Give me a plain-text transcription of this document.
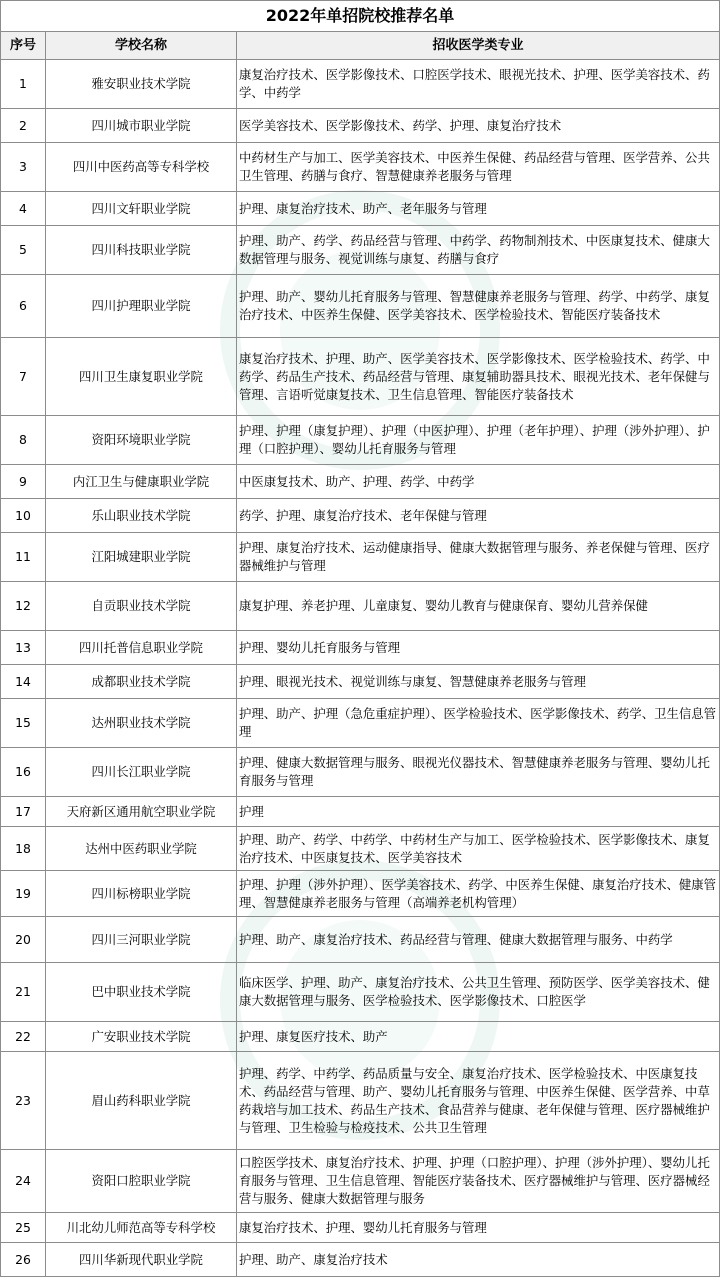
2022年单招院校推荐名单		
序号	学校名称	招收医学类专业
1	雅安职业技术学院	康复治疗技术、医学影像技术、口腔医学技术、眼视光技术、护理、医学美容技术、药学、中药学
2	四川城市职业学院	医学美容技术、医学影像技术、药学、护理、康复治疗技术
3	四川中医药高等专科学校	中药材生产与加工、医学美容技术、中医养生保健、药品经营与管理、医学营养、公共卫生管理、药膳与食疗、智慧健康养老服务与管理
4	四川文轩职业学院	护理、康复治疗技术、助产、老年服务与管理
5	四川科技职业学院	护理、助产、药学、药品经营与管理、中药学、药物制剂技术、中医康复技术、健康大数据管理与服务、视觉训练与康复、药膳与食疗
6	四川护理职业学院	护理、助产、婴幼儿托育服务与管理、智慧健康养老服务与管理、药学、中药学、康复治疗技术、中医养生保健、医学美容技术、医学检验技术、智能医疗装备技术
7	四川卫生康复职业学院	康复治疗技术、护理、助产、医学美容技术、医学影像技术、医学检验技术、药学、中药学、药品生产技术、药品经营与管理、康复辅助器具技术、眼视光技术、老年保健与管理、言语听觉康复技术、卫生信息管理、智能医疗装备技术
8	资阳环境职业学院	护理、护理（康复护理）、护理（中医护理）、护理（老年护理）、护理（涉外护理）、护理（口腔护理）、婴幼儿托育服务与管理
9	内江卫生与健康职业学院	中医康复技术、助产、护理、药学、中药学
10	乐山职业技术学院	药学、护理、康复治疗技术、老年保健与管理
11	江阳城建职业学院	护理、康复治疗技术、运动健康指导、健康大数据管理与服务、养老保健与管理、医疗器械维护与管理
12	自贡职业技术学院	康复护理、养老护理、儿童康复、婴幼儿教育与健康保育、婴幼儿营养保健
13	四川托普信息职业学院	护理、婴幼儿托育服务与管理
14	成都职业技术学院	护理、眼视光技术、视觉训练与康复、智慧健康养老服务与管理
15	达州职业技术学院	护理、助产、护理（急危重症护理）、医学检验技术、医学影像技术、药学、卫生信息管理
16	四川长江职业学院	护理、健康大数据管理与服务、眼视光仪器技术、智慧健康养老服务与管理、婴幼儿托育服务与管理
17	天府新区通用航空职业学院	护理
18	达州中医药职业学院	护理、助产、药学、中药学、中药材生产与加工、医学检验技术、医学影像技术、康复治疗技术、中医康复技术、医学美容技术
19	四川标榜职业学院	护理、护理（涉外护理）、医学美容技术、药学、中医养生保健、康复治疗技术、健康管理、智慧健康养老服务与管理（高端养老机构管理）
20	四川三河职业学院	护理、助产、康复治疗技术、药品经营与管理、健康大数据管理与服务、中药学
21	巴中职业技术学院	临床医学、护理、助产、康复治疗技术、公共卫生管理、预防医学、医学美容技术、健康大数据管理与服务、医学检验技术、医学影像技术、口腔医学
22	广安职业技术学院	护理、康复医疗技术、助产
23	眉山药科职业学院	护理、药学、中药学、药品质量与安全、康复治疗技术、医学检验技术、中医康复技术、药品经营与管理、助产、婴幼儿托育服务与管理、中医养生保健、医学营养、中草药栽培与加工技术、药品生产技术、食品营养与健康、老年保健与管理、医疗器械维护与管理、卫生检验与检疫技术、公共卫生管理
24	资阳口腔职业学院	口腔医学技术、康复治疗技术、护理、护理（口腔护理）、护理（涉外护理）、婴幼儿托育服务与管理、卫生信息管理、智能医疗装备技术、医疗器械维护与管理、医疗器械经营与服务、健康大数据管理与服务
25	川北幼儿师范高等专科学校	康复治疗技术、护理、婴幼儿托育服务与管理
26	四川华新现代职业学院	护理、助产、康复治疗技术
